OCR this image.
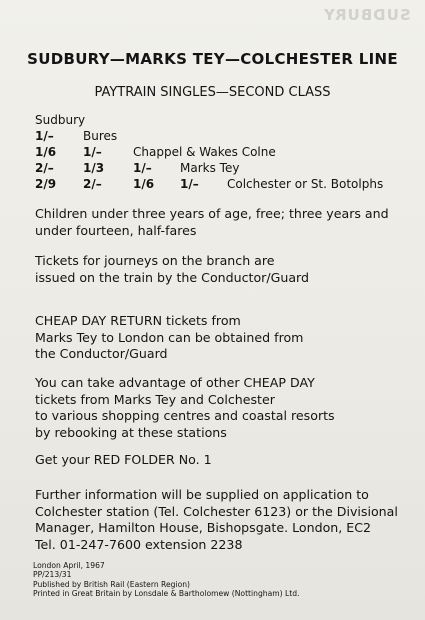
SUDBURY
SUDBURY—MARKS TEY—COLCHESTER LINE
PAYTRAIN SINGLES—SECOND CLASS
Sudbury
1/– Bures
1/6 1/–	Chappel & Wakes Colne
2/– 1/3 1/– Marks Tey
2/9 2/–	1/6 1/– Colchester or St. Botolphs
Children under three years of age, free; three years and
under fourteen, half-fares
Tickets for journeys on the branch are
issued on the train by the Conductor/Guard
CHEAP DAY RETURN tickets from
Marks Tey to London can be obtained from
the Conductor/Guard
You can take advantage of other CHEAP DAY
tickets from Marks Tey and Colchester
to various shopping centres and coastal resorts
by rebooking at these stations
Get your RED FOLDER No. 1
Further information will be supplied on application to
Colchester station (Tel. Colchester 6123) or the Divisional
Manager, Hamilton House, Bishopsgate. London, EC2
Tel. 01-247-7600 extension 2238
London April, 1967
PP/213/31
Published by British Rail (Eastern Region)
Printed in Great Britain by Lonsdale & Bartholomew (Nottingham) Ltd.
